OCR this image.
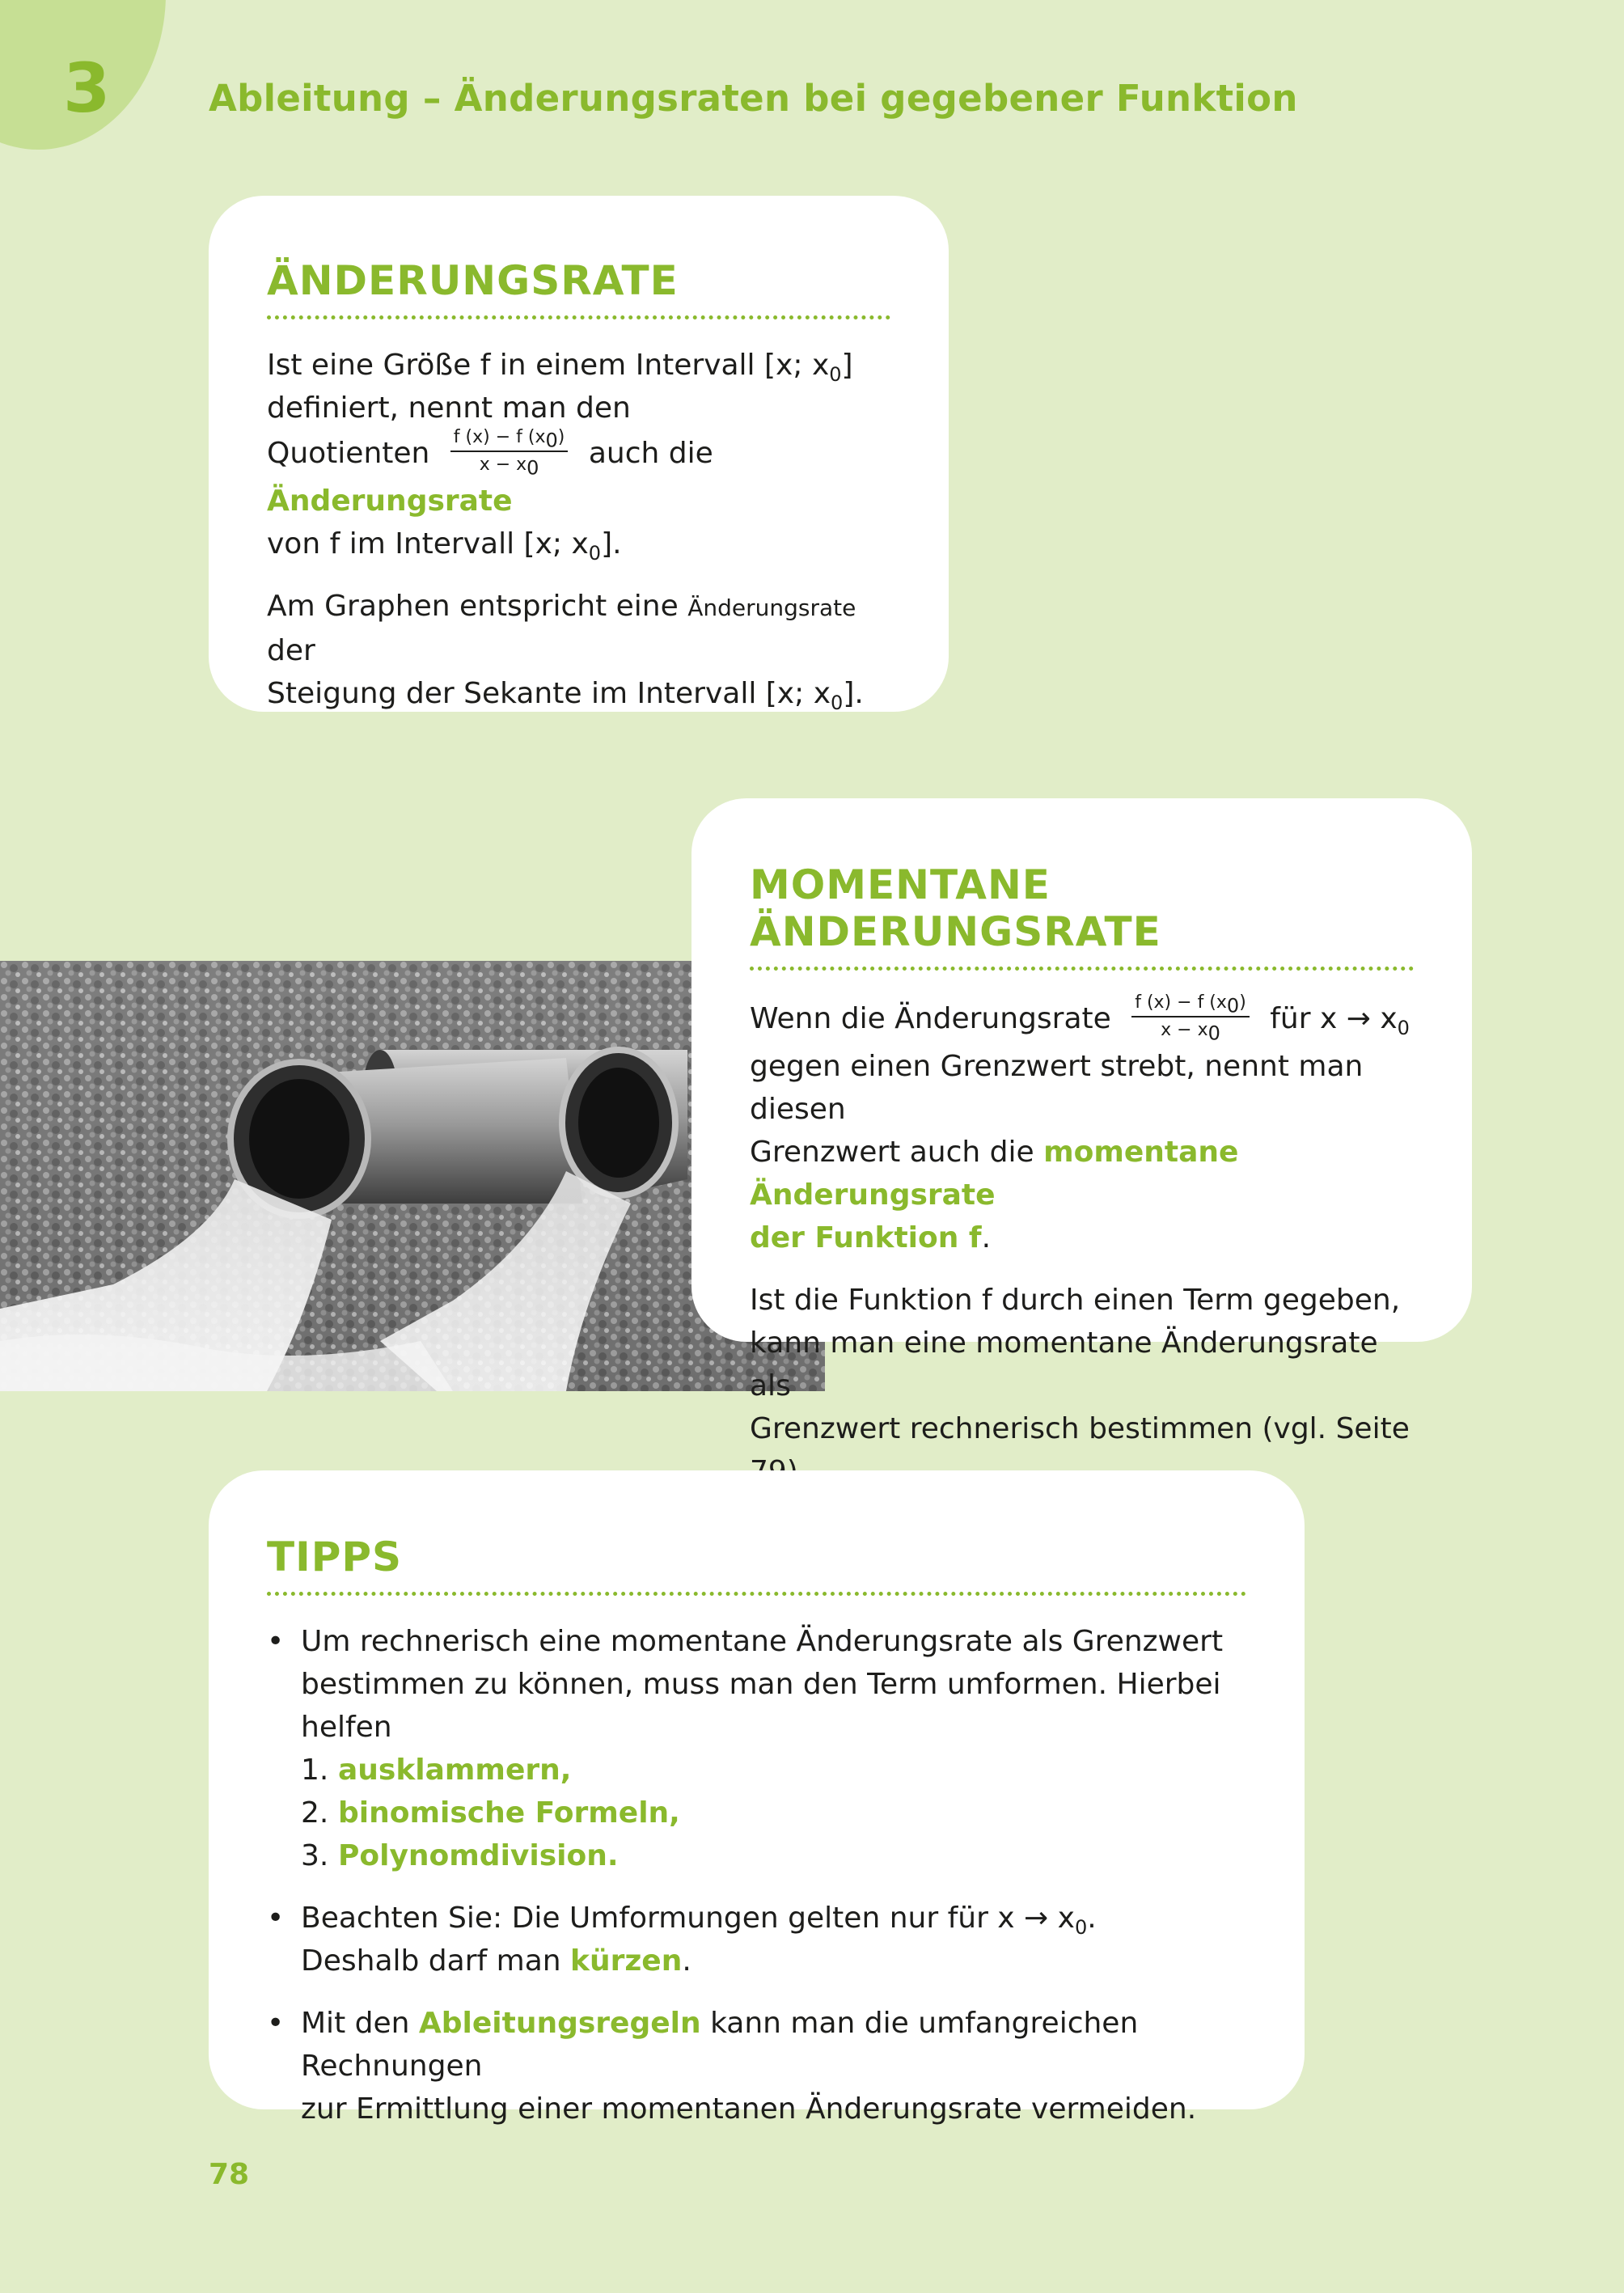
3	Ableitung – Änderungsraten bei gegebener Funktion
ÄNDERUNGSRATE

Ist eine Größe f in einem Intervall [x; $x_0$]
definiert, nennt man den
Quotienten $\frac{f (x) - f (x_0)}{x - x_0}$ auch die Änderungsrate
von f im Intervall [x; $x_0$].

Am Graphen entspricht eine Änderungsrate der
Steigung der Sekante im Intervall [x; $x_0$].

MOMENTANE ÄNDERUNGSRATE

Wenn die Änderungsrate $\frac{f (x) - f (x_0)}{x - x_0}$ für $x \to x_0$
gegen einen Grenzwert strebt, nennt man diesen
Grenzwert auch die momentane Änderungsrate
der Funktion f.

Ist die Funktion f durch einen Term gegeben,
kann man eine momentane Änderungsrate als
Grenzwert rechnerisch bestimmen (vgl. Seite

TIPPS
• Um rechnerisch eine momentane Änderungsrate als Grenzwert
bestimmen zu können, muss man den Term umformen. Hierbei helfen
1. ausklammern,
2. binomische Formeln,
3. Polynomdivision.
• Beachten Sie: Die Umformungen gelten nur für $x \to x_0$.
Deshalb darf man kürzen.
• Mit den Ableitungsregeln kann man die umfangreichen Rechnungen
zur Ermittlung einer momentanen Änderungsrate vermeiden.
78
